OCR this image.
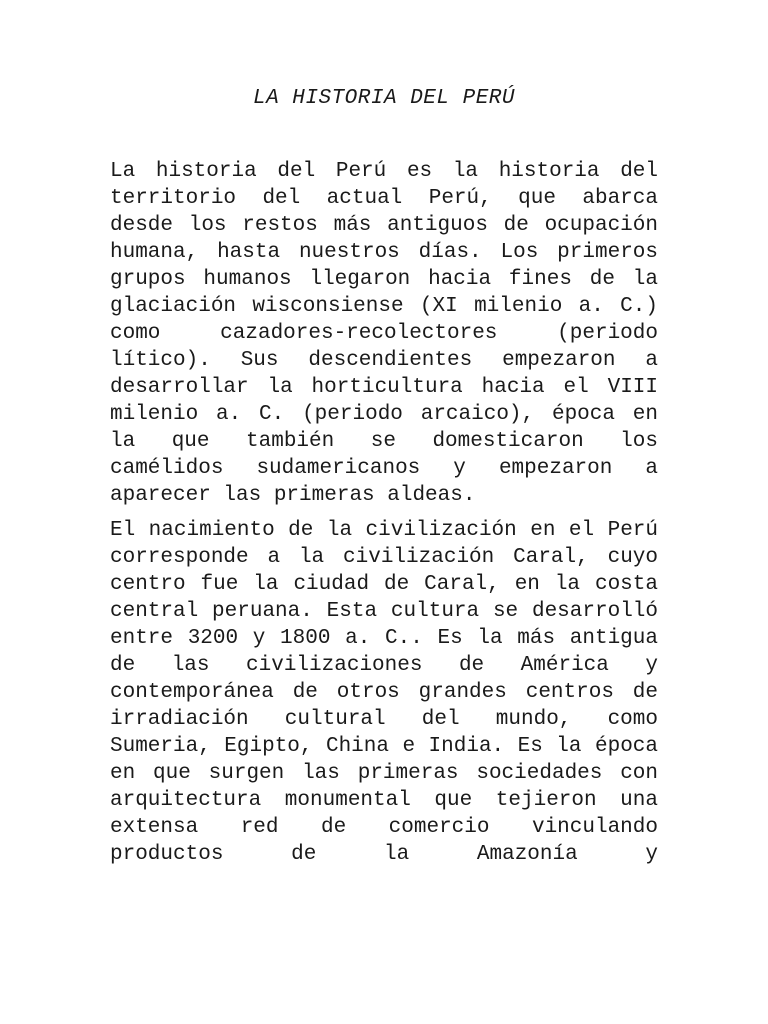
LA HISTORIA DEL PERÚ

La historia del Perú es la historia del territorio del actual Perú, que abarca desde los restos más antiguos de ocupación humana, hasta nuestros días. Los primeros grupos humanos llegaron hacia fines de la glaciación wisconsiense (XI milenio a. C.) como cazadores-recolectores (periodo lítico). Sus descendientes empezaron a desarrollar la horticultura hacia el VIII milenio a. C. (periodo arcaico), época en la que también se domesticaron los camélidos sudamericanos y empezaron a aparecer las primeras aldeas.

El nacimiento de la civilización en el Perú corresponde a la civilización Caral, cuyo centro fue la ciudad de Caral, en la costa central peruana. Esta cultura se desarrolló entre 3200 y 1800 a. C.. Es la más antigua de las civilizaciones de América y contemporánea de otros grandes centros de irradiación cultural del mundo, como Sumeria, Egipto, China e India. Es la época en que surgen las primeras sociedades con arquitectura monumental que tejieron una extensa red de comercio vinculando productos de la Amazonía y
